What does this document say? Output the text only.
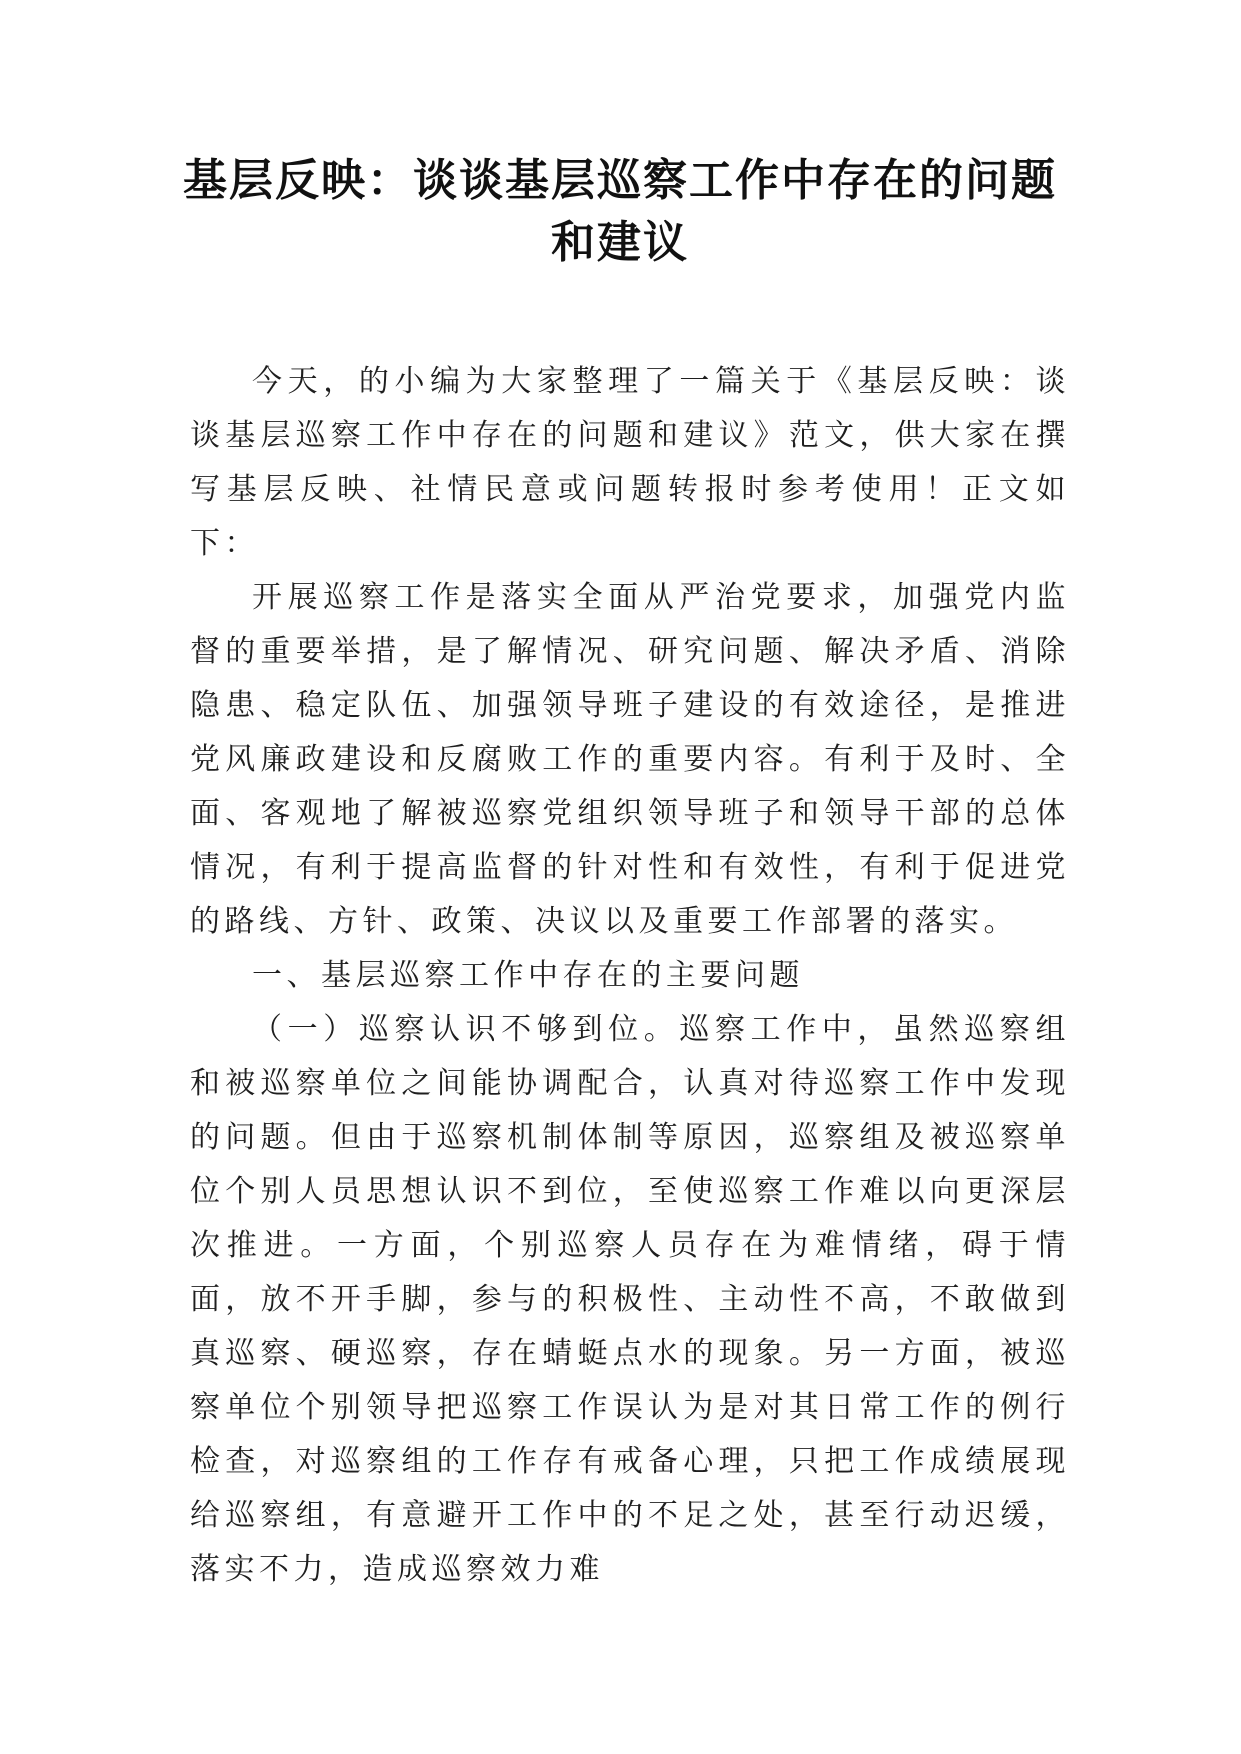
基层反映：谈谈基层巡察工作中存在的问题
和建议

今天，的小编为大家整理了一篇关于《基层反映：谈谈基层巡察工作中存在的问题和建议》范文，供大家在撰写基层反映、社情民意或问题转报时参考使用！正文如下：

开展巡察工作是落实全面从严治党要求，加强党内监督的重要举措，是了解情况、研究问题、解决矛盾、消除隐患、稳定队伍、加强领导班子建设的有效途径，是推进党风廉政建设和反腐败工作的重要内容。有利于及时、全面、客观地了解被巡察党组织领导班子和领导干部的总体情况，有利于提高监督的针对性和有效性，有利于促进党的路线、方针、政策、决议以及重要工作部署的落实。

一、基层巡察工作中存在的主要问题

（一）巡察认识不够到位。巡察工作中，虽然巡察组和被巡察单位之间能协调配合，认真对待巡察工作中发现的问题。但由于巡察机制体制等原因，巡察组及被巡察单位个别人员思想认识不到位，至使巡察工作难以向更深层次推进。一方面，个别巡察人员存在为难情绪，碍于情面，放不开手脚，参与的积极性、主动性不高，不敢做到真巡察、硬巡察，存在蜻蜓点水的现象。另一方面，被巡察单位个别领导把巡察工作误认为是对其日常工作的例行检查，对巡察组的工作存有戒备心理，只把工作成绩展现给巡察组，有意避开工作中的不足之处，甚至行动迟缓，落实不力，造成巡察效力难
